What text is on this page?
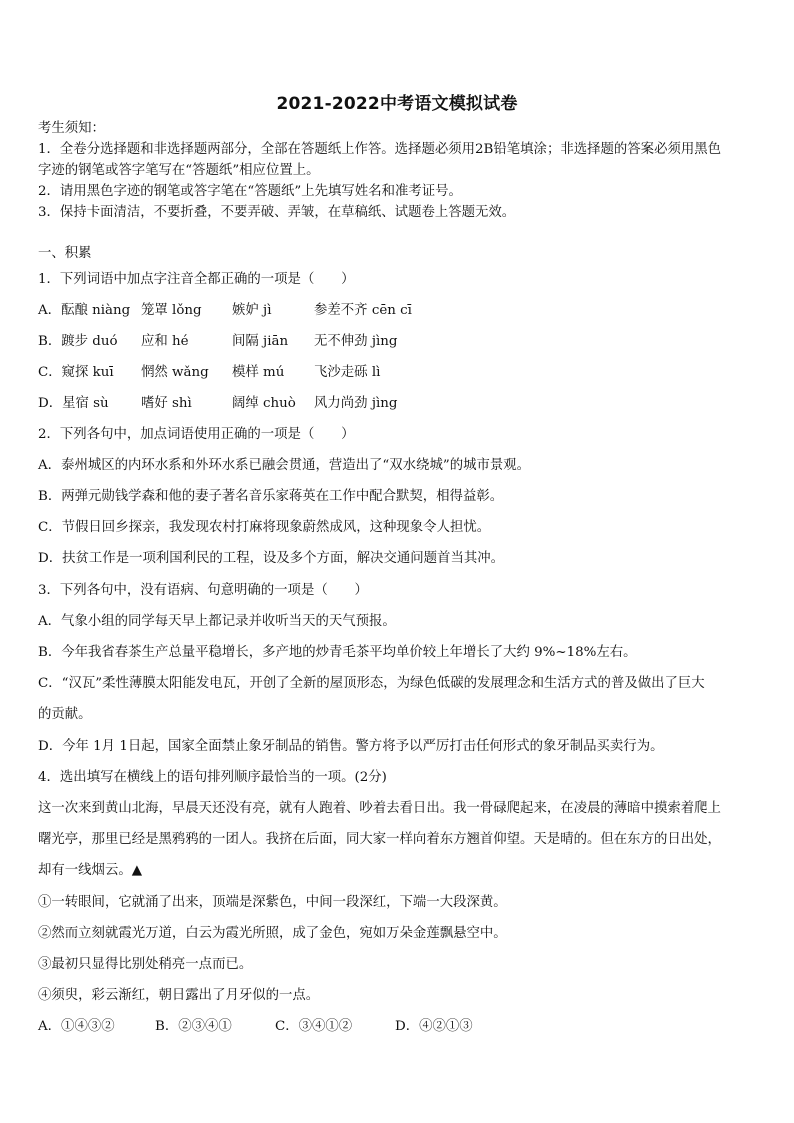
2021-2022中考语文模拟试卷
考生须知：
1．全卷分选择题和非选择题两部分，全部在答题纸上作答。选择题必须用2B铅笔填涂；非选择题的答案必须用黑色
字迹的钢笔或答字笔写在“答题纸”相应位置上。
2．请用黑色字迹的钢笔或答字笔在“答题纸”上先填写姓名和准考证号。
3．保持卡面清洁，不要折叠，不要弄破、弄皱，在草稿纸、试题卷上答题无效。
一、积累
1．下列词语中加点字注音全都正确的一项是（　　）
A．酝酿 niàng 笼罩 lǒng 嫉妒 jì	参差不齐 cēn cī
B．踱步 duó 应和 hé	间隔 jiān 无不伸劲 jìng
C．窥探 kuī 惘然 wǎng 模样 mú 飞沙走砾 lì
D．星宿 sù 嗜好 shì	阔绰 chuò 风力尚劲 jìng
2．下列各句中，加点词语使用正确的一项是（　　）
A．泰州城区的内环水系和外环水系已融会贯通，营造出了“双水绕城”的城市景观。
B．两弹元勋钱学森和他的妻子著名音乐家蒋英在工作中配合默契，相得益彰。
C．节假日回乡探亲，我发现农村打麻将现象蔚然成风，这种现象令人担忧。
D．扶贫工作是一项利国利民的工程，设及多个方面，解决交通问题首当其冲。
3．下列各句中，没有语病、句意明确的一项是（　　）
A．气象小组的同学每天早上都记录并收听当天的天气预报。
B．今年我省春茶生产总量平稳增长，多产地的炒青毛茶平均单价较上年增长了大约 9%~18%左右。
C．“汉瓦”柔性薄膜太阳能发电瓦，开创了全新的屋顶形态，为绿色低碳的发展理念和生活方式的普及做出了巨大
的贡献。
D．今年 1月 1日起，国家全面禁止象牙制品的销售。警方将予以严厉打击任何形式的象牙制品买卖行为。
4．选出填写在横线上的语句排列顺序最恰当的一项。(2分)
这一次来到黄山北海，早晨天还没有亮，就有人跑着、吵着去看日出。我一骨碌爬起来，在凌晨的薄暗中摸索着爬上
曙光亭，那里已经是黑鸦鸦的一团人。我挤在后面，同大家一样向着东方翘首仰望。天是晴的。但在东方的日出处，
却有一线烟云。▲
①一转眼间，它就涌了出来，顶端是深紫色，中间一段深红，下端一大段深黄。
②然而立刻就霞光万道，白云为霞光所照，成了金色，宛如万朵金莲飘悬空中。
③最初只显得比别处稍亮一点而已。
④须臾，彩云渐红，朝日露出了月牙似的一点。
A．①④③②	B．②③④①	C．③④①②	D．④②①③
